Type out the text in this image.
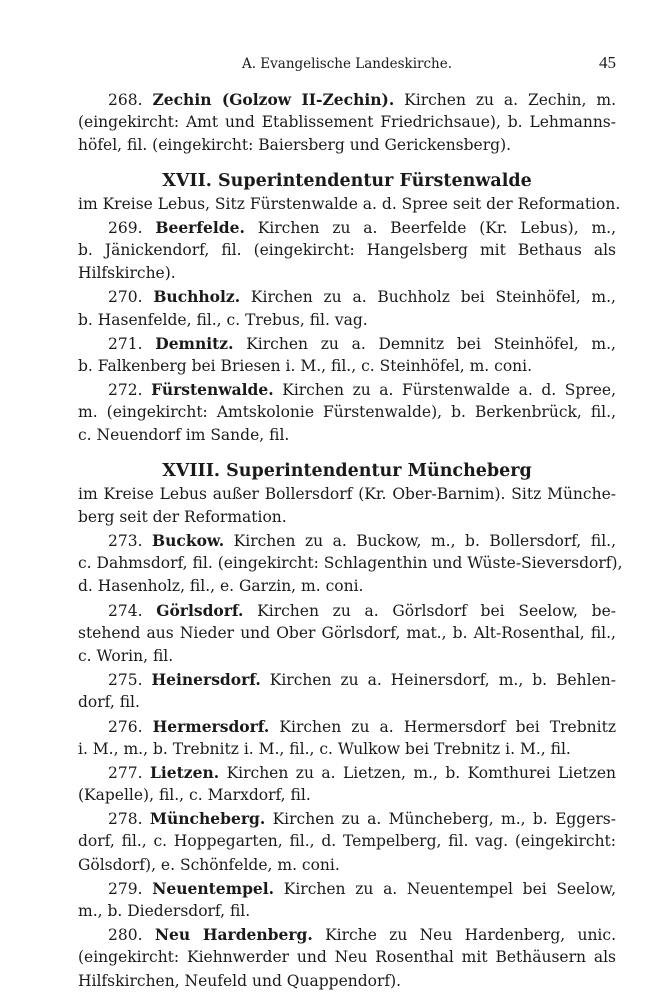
A. Evangelische Landeskirche.	45
268. Zechin (Golzow II-Zechin). Kirchen zu a. Zechin, m.
(eingekircht: Amt und Etablissement Friedrichsaue), b. Lehmanns-
höfel, fil. (eingekircht: Baiersberg und Gerickensberg).
XVII. Superintendentur Fürstenwalde
im Kreise Lebus, Sitz Fürstenwalde a. d. Spree seit der Reformation.
269. Beerfelde. Kirchen zu a. Beerfelde (Kr. Lebus), m.,
b. Jänickendorf, fil. (eingekircht: Hangelsberg mit Bethaus als
Hilfskirche).
270. Buchholz. Kirchen zu a. Buchholz bei Steinhöfel, m.,
b. Hasenfelde, fil., c. Trebus, fil. vag.
271. Demnitz. Kirchen zu a. Demnitz bei Steinhöfel, m.,
b. Falkenberg bei Briesen i. M., fil., c. Steinhöfel, m. coni.
272. Fürstenwalde. Kirchen zu a. Fürstenwalde a. d. Spree,
m. (eingekircht: Amtskolonie Fürstenwalde), b. Berkenbrück, fil.,
c. Neuendorf im Sande, fil.
XVIII. Superintendentur Müncheberg
im Kreise Lebus außer Bollersdorf (Kr. Ober-Barnim). Sitz Münche-
berg seit der Reformation.
273. Buckow. Kirchen zu a. Buckow, m., b. Bollersdorf, fil.,
c. Dahmsdorf, fil. (eingekircht: Schlagenthin und Wüste-Sieversdorf),
d. Hasenholz, fil., e. Garzin, m. coni.
274. Görlsdorf. Kirchen zu a. Görlsdorf bei Seelow, be-
stehend aus Nieder und Ober Görlsdorf, mat., b. Alt-Rosenthal, fil.,
c. Worin, fil.
275. Heinersdorf. Kirchen zu a. Heinersdorf, m., b. Behlen-
dorf, fil.
276. Hermersdorf. Kirchen zu a. Hermersdorf bei Trebnitz
i. M., m., b. Trebnitz i. M., fil., c. Wulkow bei Trebnitz i. M., fil.
277. Lietzen. Kirchen zu a. Lietzen, m., b. Komthurei Lietzen
(Kapelle), fil., c. Marxdorf, fil.
278. Müncheberg. Kirchen zu a. Müncheberg, m., b. Eggers-
dorf, fil., c. Hoppegarten, fil., d. Tempelberg, fil. vag. (eingekircht:
Gölsdorf), e. Schönfelde, m. coni.
279. Neuentempel. Kirchen zu a. Neuentempel bei Seelow,
m., b. Diedersdorf, fil.
280. Neu Hardenberg. Kirche zu Neu Hardenberg, unic.
(eingekircht: Kiehnwerder und Neu Rosenthal mit Bethäusern als
Hilfskirchen, Neufeld und Quappendorf).
